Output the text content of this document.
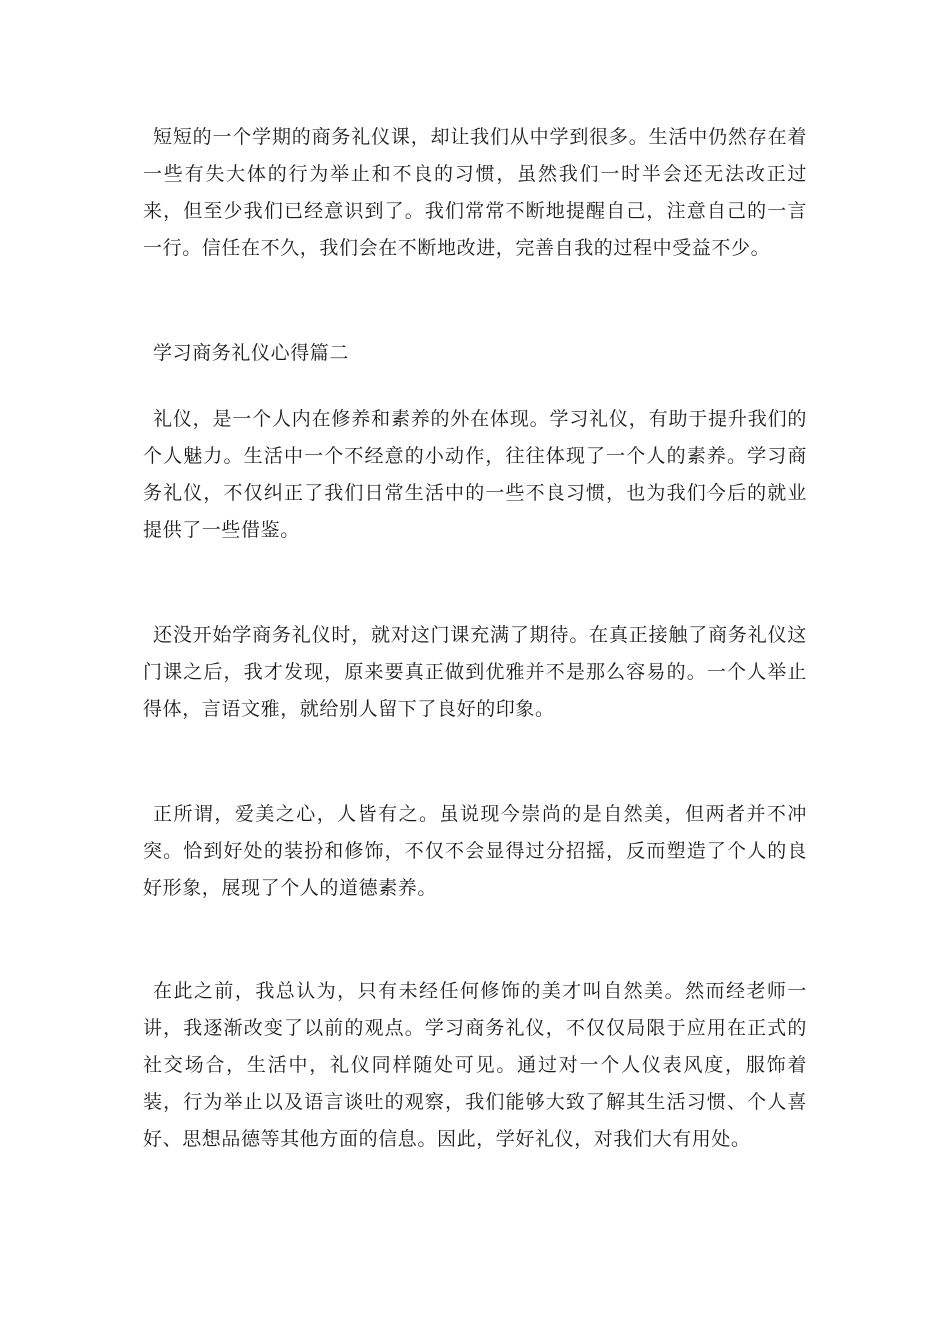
短短的一个学期的商务礼仪课，却让我们从中学到很多。生活中仍然存在着一些有失大体的行为举止和不良的习惯，虽然我们一时半会还无法改正过来，但至少我们已经意识到了。我们常常不断地提醒自己，注意自己的一言一行。信任在不久，我们会在不断地改进，完善自我的过程中受益不少。

学习商务礼仪心得篇二

礼仪，是一个人内在修养和素养的外在体现。学习礼仪，有助于提升我们的个人魅力。生活中一个不经意的小动作，往往体现了一个人的素养。学习商务礼仪，不仅纠正了我们日常生活中的一些不良习惯，也为我们今后的就业提供了一些借鉴。

还没开始学商务礼仪时，就对这门课充满了期待。在真正接触了商务礼仪这门课之后，我才发现，原来要真正做到优雅并不是那么容易的。一个人举止得体，言语文雅，就给别人留下了良好的印象。

正所谓，爱美之心，人皆有之。虽说现今崇尚的是自然美，但两者并不冲突。恰到好处的装扮和修饰，不仅不会显得过分招摇，反而塑造了个人的良好形象，展现了个人的道德素养。

在此之前，我总认为，只有未经任何修饰的美才叫自然美。然而经老师一讲，我逐渐改变了以前的观点。学习商务礼仪，不仅仅局限于应用在正式的社交场合，生活中，礼仪同样随处可见。通过对一个人仪表风度，服饰着装，行为举止以及语言谈吐的观察，我们能够大致了解其生活习惯、个人喜好、思想品德等其他方面的信息。因此，学好礼仪，对我们大有用处。
